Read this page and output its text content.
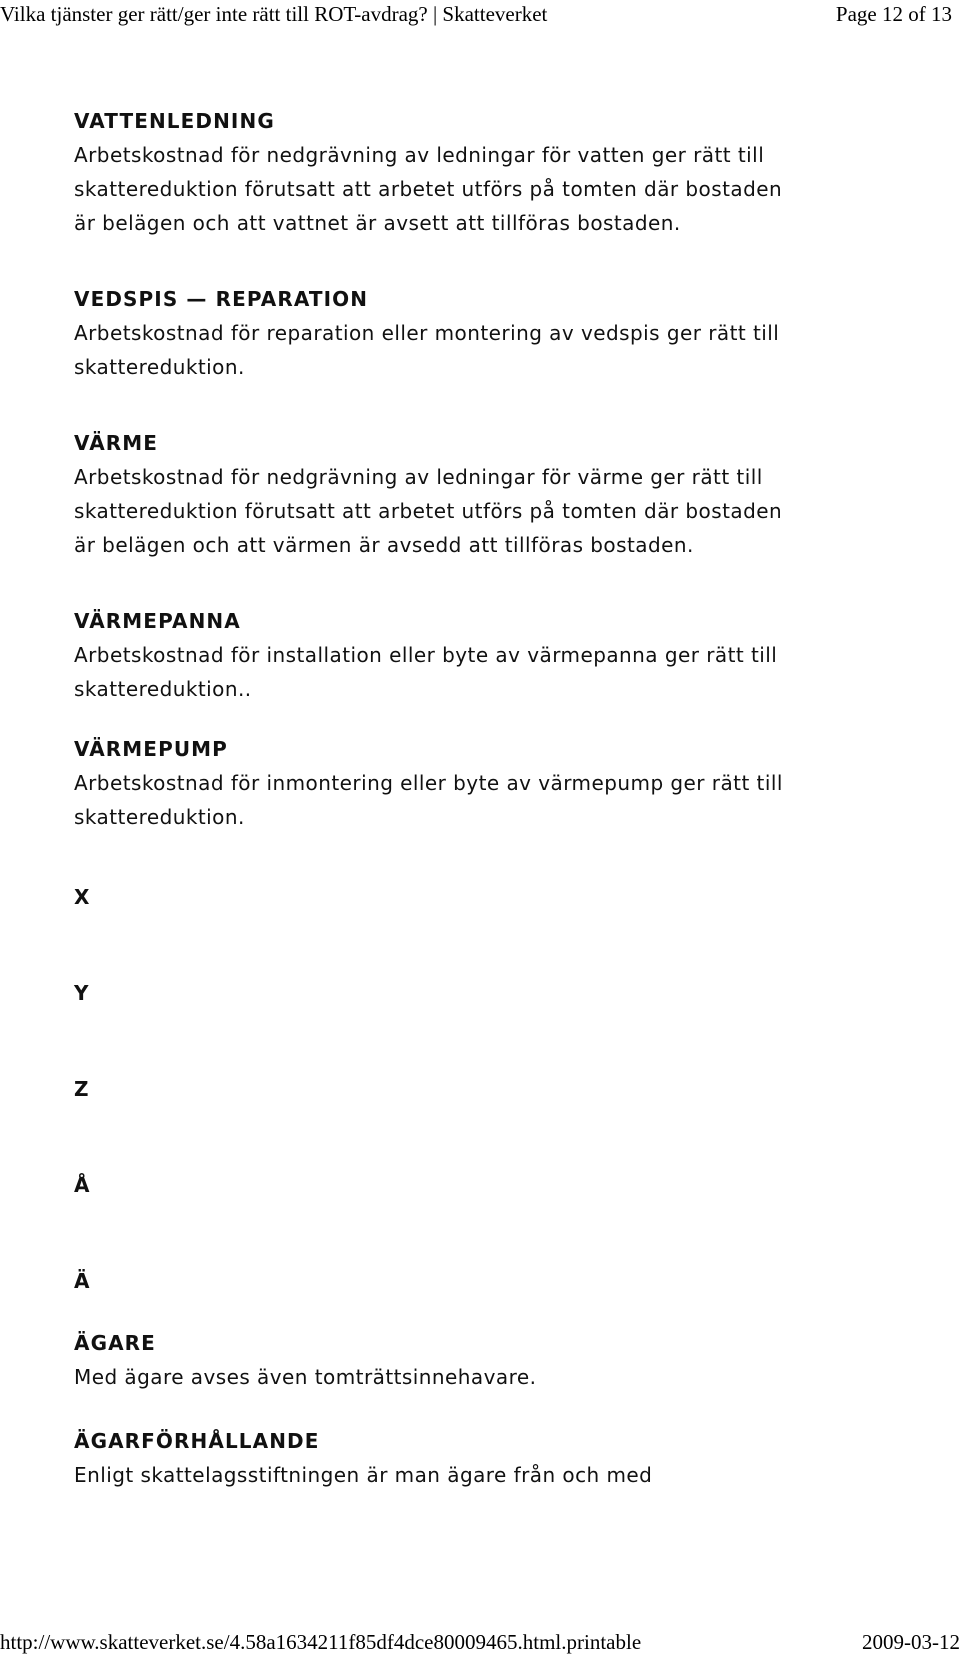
Vilka tjänster ger rätt/ger inte rätt till ROT-avdrag? | Skatteverket	Page 12 of 13
VATTENLEDNING

Arbetskostnad för nedgrävning av ledningar för vatten ger rätt till
skattereduktion förutsatt att arbetet utförs på tomten där bostaden
är belägen och att vattnet är avsett att tillföras bostaden.

VEDSPIS — REPARATION

Arbetskostnad för reparation eller montering av vedspis ger rätt till
skattereduktion.

VÄRME

Arbetskostnad för nedgrävning av ledningar för värme ger rätt till
skattereduktion förutsatt att arbetet utförs på tomten där bostaden
är belägen och att värmen är avsedd att tillföras bostaden.

VÄRMEPANNA

Arbetskostnad för installation eller byte av värmepanna ger rätt till
skattereduktion..

VÄRMEPUMP

Arbetskostnad för inmontering eller byte av värmepump ger rätt till
skattereduktion.

X
Y
Z
Å
Ä
ÄGARE

Med ägare avses även tomträttsinnehavare.

ÄGARFÖRHÅLLANDE

Enligt skattelagsstiftningen är man ägare från och med

http://www.skatteverket.se/4.58a1634211f85df4dce80009465.html.printable	2009-03-12
